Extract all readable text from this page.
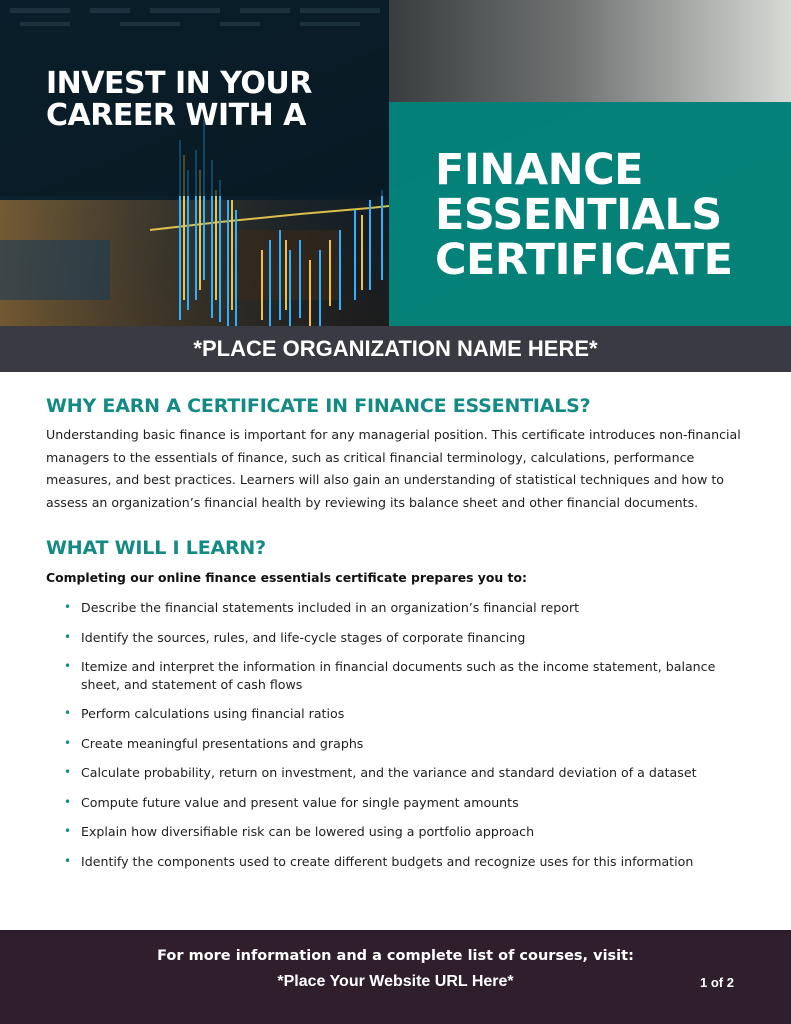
INVEST IN YOUR CAREER WITH A
FINANCE
ESSENTIALS
CERTIFICATE
*PLACE ORGANIZATION NAME HERE*
WHY EARN A CERTIFICATE IN FINANCE ESSENTIALS?

Understanding basic finance is important for any managerial position. This certificate introduces non-financial managers to the essentials of finance, such as critical financial terminology, calculations, performance measures, and best practices. Learners will also gain an understanding of statistical techniques and how to assess an organization’s financial health by reviewing its balance sheet and other financial documents.

WHAT WILL I LEARN?

Completing our online finance essentials certificate prepares you to:

• Describe the financial statements included in an organization’s financial report
• Identify the sources, rules, and life-cycle stages of corporate financing
• Itemize and interpret the information in financial documents such as the income statement, balance sheet, and statement of cash flows
• Perform calculations using financial ratios
• Create meaningful presentations and graphs
• Calculate probability, return on investment, and the variance and standard deviation of a dataset
• Compute future value and present value for single payment amounts
• Explain how diversifiable risk can be lowered using a portfolio approach
• Identify the components used to create different budgets and recognize uses for this information
For more information and a complete list of courses, visit:
*Place Your Website URL Here*	1 of 2
